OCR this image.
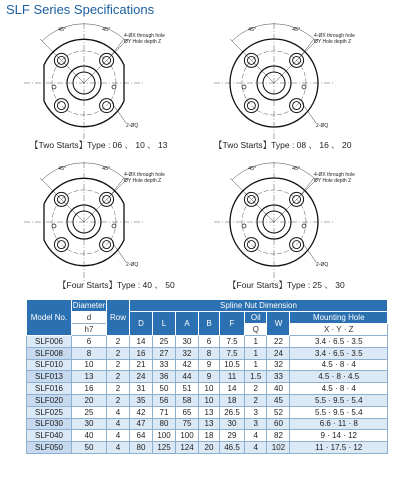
SLF Series Specifications
45°	45°
4-ØX through hole
ØY Hole depth Z
2-ØQ
【Two Starts】Type : 06 、 10 、 13
45°	45°
4-ØX through hole
ØY Hole depth Z
2-ØQ
【Two Starts】Type : 08 、 16 、 20
45°	45°
4-ØX through hole
ØY Hole depth Z
2-ØQ
【Four Starts】Type : 40 、 50
45°	45°
4-ØX through hole
ØY Hole depth Z
2-ØQ
【Four Starts】Type : 25 、 30
Model No.	Diameter	Row	Spline Nut Dimension							
	d		D	L	A	B	F	Oil	W	Mounting Hole
	h7							Q		X · Y · Z
SLF006	6	2	14	25	30	6	7.5	1	22	3.4 · 6.5 · 3.5
SLF008	8	2	16	27	32	8	7.5	1	24	3.4 · 6.5 · 3.5
SLF010	10	2	21	33	42	9	10.5	1	32	4.5 · 8 · 4
SLF013	13	2	24	36	44	9	11	1.5	33	4.5 · 8 · 4.5
SLF016	16	2	31	50	51	10	14	2	40	4.5 · 8 · 4
SLF020	20	2	35	56	58	10	18	2	45	5.5 · 9.5 · 5.4
SLF025	25	4	42	71	65	13	26.5	3	52	5.5 · 9.5 · 5.4
SLF030	30	4	47	80	75	13	30	3	60	6.6 · 11 · 8
SLF040	40	4	64	100	100	18	29	4	82	9 · 14 · 12
SLF050	50	4	80	125	124	20	46.5	4	102	11 · 17.5 · 12
